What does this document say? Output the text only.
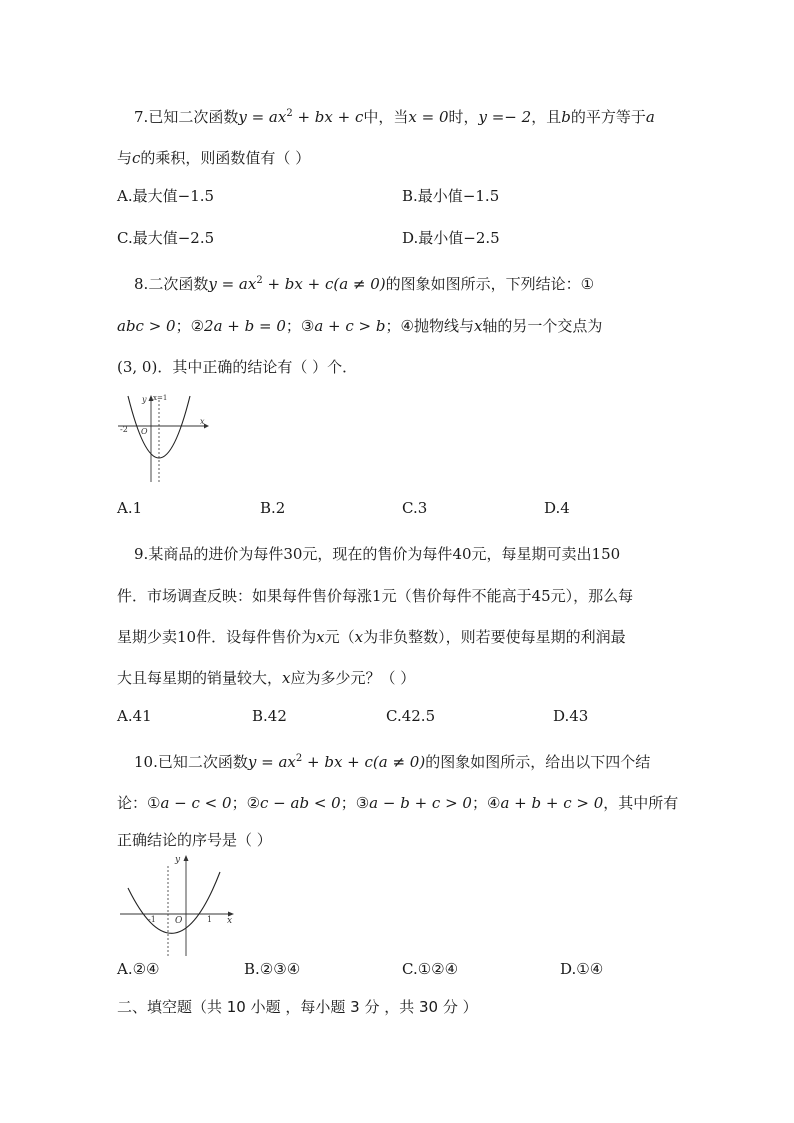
7.已知二次函数$y = ax^2$ + bx + c中，当x = 0时，y =− 2，且b的平方等于a
与c的乘积，则函数值有（ ）
A.最大值−1.5	B.最小值−1.5
C.最大值−2.5	D.最小值−2.5
8.二次函数$y = ax^2$ + bx + c(a ≠ 0)的图象如图所示，下列结论：①
abc > 0；②2a + b = 0；③a + c > b；④抛物线与x轴的另一个交点为
(3, 0)．其中正确的结论有（ ）个．
-2 O
y x=1
x
A.1	B.2	C.3	D.4
9.某商品的进价为每件30元，现在的售价为每件40元，每星期可卖出150
件．市场调查反映：如果每件售价每涨1元（售价每件不能高于45元），那么每
星期少卖10件．设每件售价为x元（x为非负整数），则若要使每星期的利润最
大且每星期的销量较大，x应为多少元？（ ）
A.41	B.42	C.42.5	D.43
10.已知二次函数$y = ax^2$ + bx + c(a ≠ 0)的图象如图所示，给出以下四个结
论：①a − c < 0；②c − ab < 0；③a − b + c > 0；④a + b + c > 0，其中所有
正确结论的序号是（ ）
-1 O	1
y
x
A.②④	B.②③④	C.①②④	D.①④
二、填空题（共 10 小题 ，每小题 3 分 ，共 30 分 ）
